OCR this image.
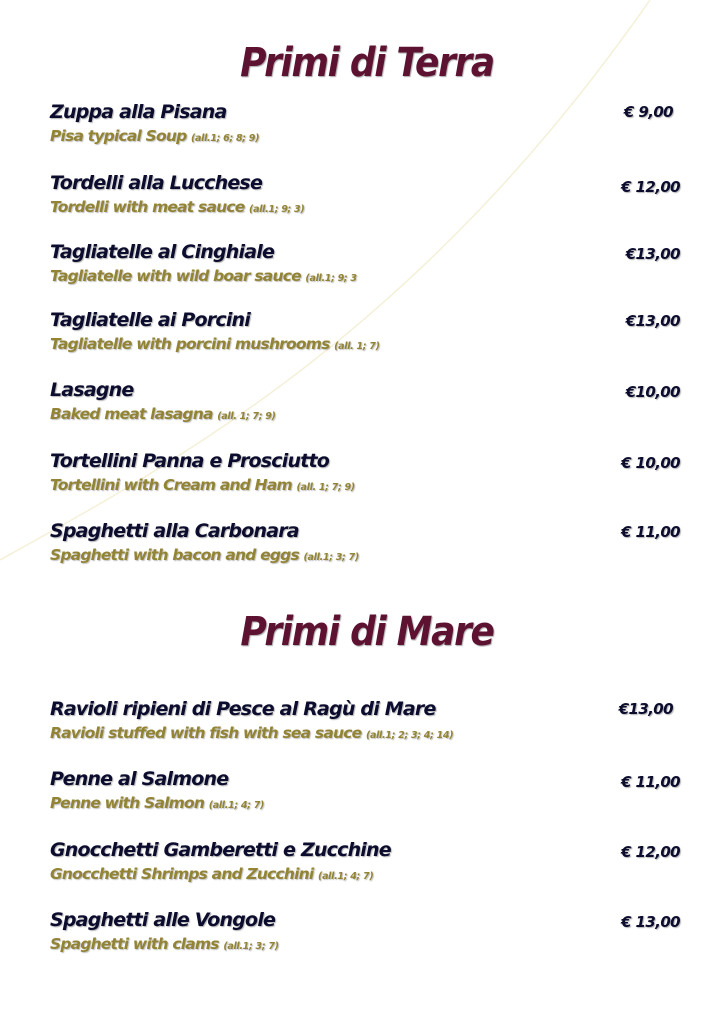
Primi di Terra
Zuppa alla Pisana
Pisa typical Soup (all.1; 6; 8; 9)
€ 9,00
Tordelli alla Lucchese
Tordelli with meat sauce (all.1; 9; 3)
€ 12,00
Tagliatelle al Cinghiale
Tagliatelle with wild boar sauce (all.1; 9; 3
€13,00
Tagliatelle ai Porcini
Tagliatelle with porcini mushrooms (all. 1; 7)
€13,00
Lasagne
Baked meat lasagna (all. 1; 7; 9)
€10,00
Tortellini Panna e Prosciutto
Tortellini with Cream and Ham (all. 1; 7; 9)
€ 10,00
Spaghetti alla Carbonara
Spaghetti with bacon and eggs (all.1; 3; 7)
€ 11,00
Primi di Mare
Ravioli ripieni di Pesce al Ragù di Mare
Ravioli stuffed with fish with sea sauce (all.1; 2; 3; 4; 14)
€13,00
Penne al Salmone
Penne with Salmon (all.1; 4; 7)
€ 11,00
Gnocchetti Gamberetti e Zucchine
Gnocchetti Shrimps and Zucchini (all.1; 4; 7)
€ 12,00
Spaghetti alle Vongole
Spaghetti with clams (all.1; 3; 7)
€ 13,00
